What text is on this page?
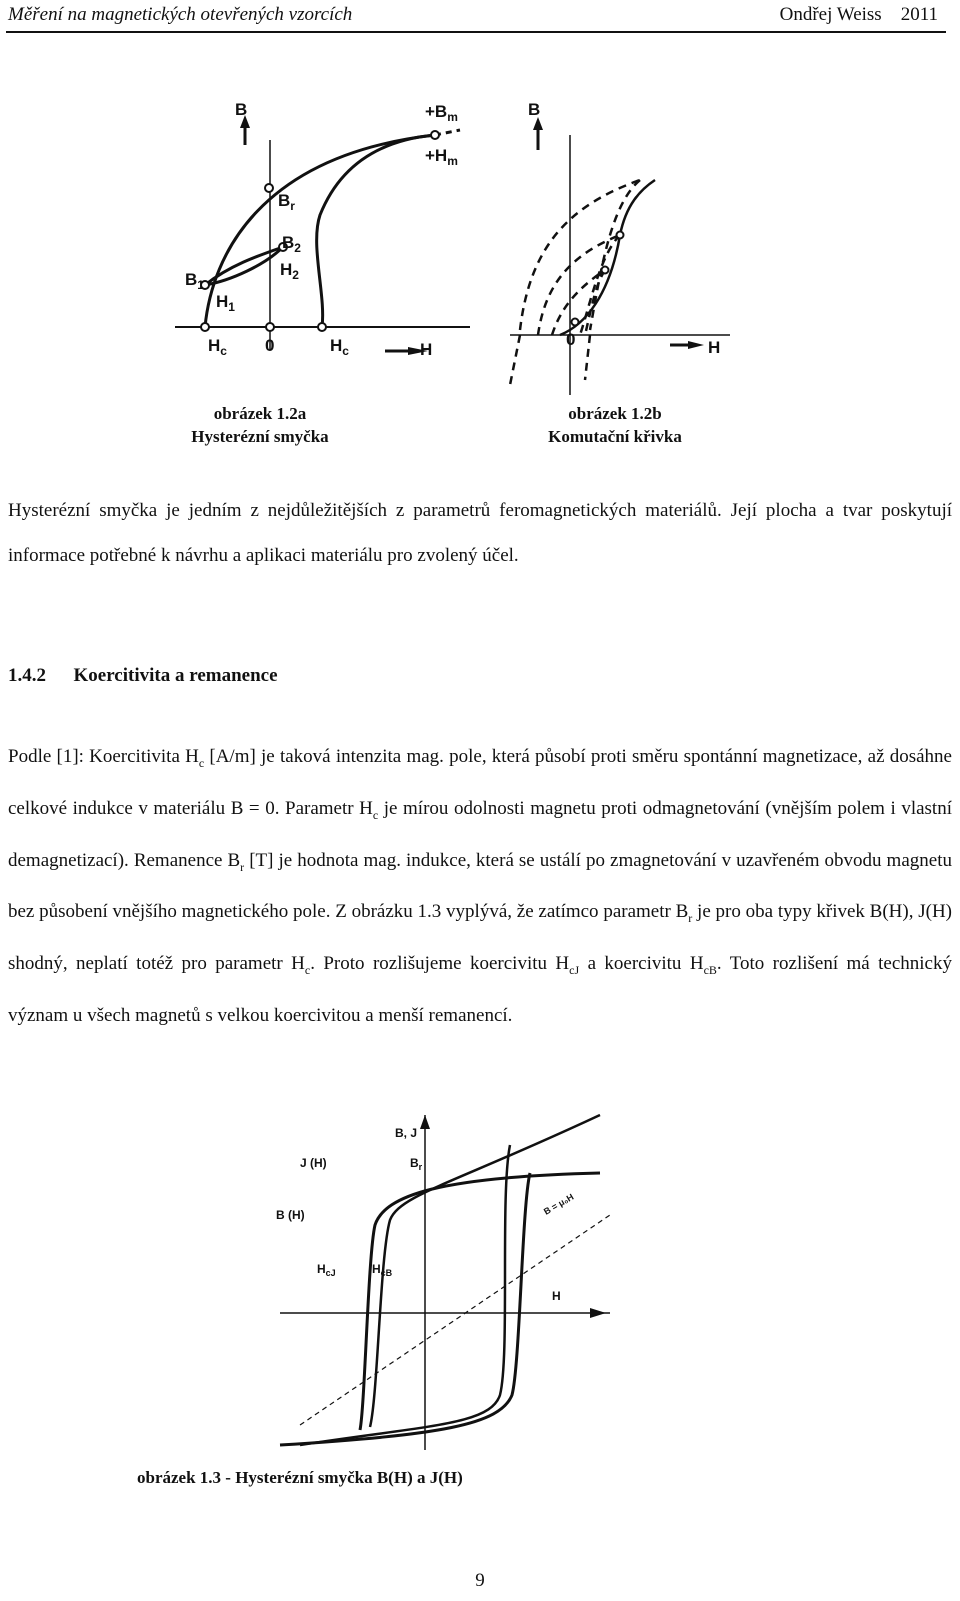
Měření na magnetických otevřených vzorcích	Ondřej Weiss    2011
B	$+B_m$
$+H_m$
$B_r$
$B_2$
$H_2$
$B_1$
$H_1$
$H_c$ 0	$H_c$	H
B
0	H
obrázek 1.2a
Hysterézní smyčka
obrázek 1.2b
Komutační křivka
Hysterézní smyčka je jedním z nejdůležitějších z parametrů feromagnetických materiálů. Její plocha a tvar poskytují informace potřebné k návrhu a aplikaci materiálu pro zvolený účel.
1.4.2 Koercitivita a remanence
Podle [1]: Koercitivita $H_c$ [A/m] je taková intenzita mag. pole, která působí proti směru spontánní magnetizace, až dosáhne celkové indukce v materiálu B = 0. Parametr $H_c$ je mírou odolnosti magnetu proti odmagnetování (vnějším polem i vlastní demagnetizací). Remanence $B_r$ [T] je hodnota mag. indukce, která se ustálí po zmagnetování v uzavřeném obvodu magnetu bez působení vnějšího magnetického pole. Z obrázku 1.3 vyplývá, že zatímco parametr $B_r$ je pro oba typy křivek B(H), J(H) shodný, neplatí totéž pro parametr $H_c$. Proto rozlišujeme koercivitu $H_{cJ}$ a koercivitu $H_{cB}$. Toto rozlišení má technický význam u všech magnetů s velkou koercivitou a menší remanencí.
B, J
J (H)	$B_r$
B (H)	B = μ₀H
$H_{cJ}$	$H_{cB}$
H
obrázek 1.3 - Hysterézní smyčka B(H) a J(H)
9
